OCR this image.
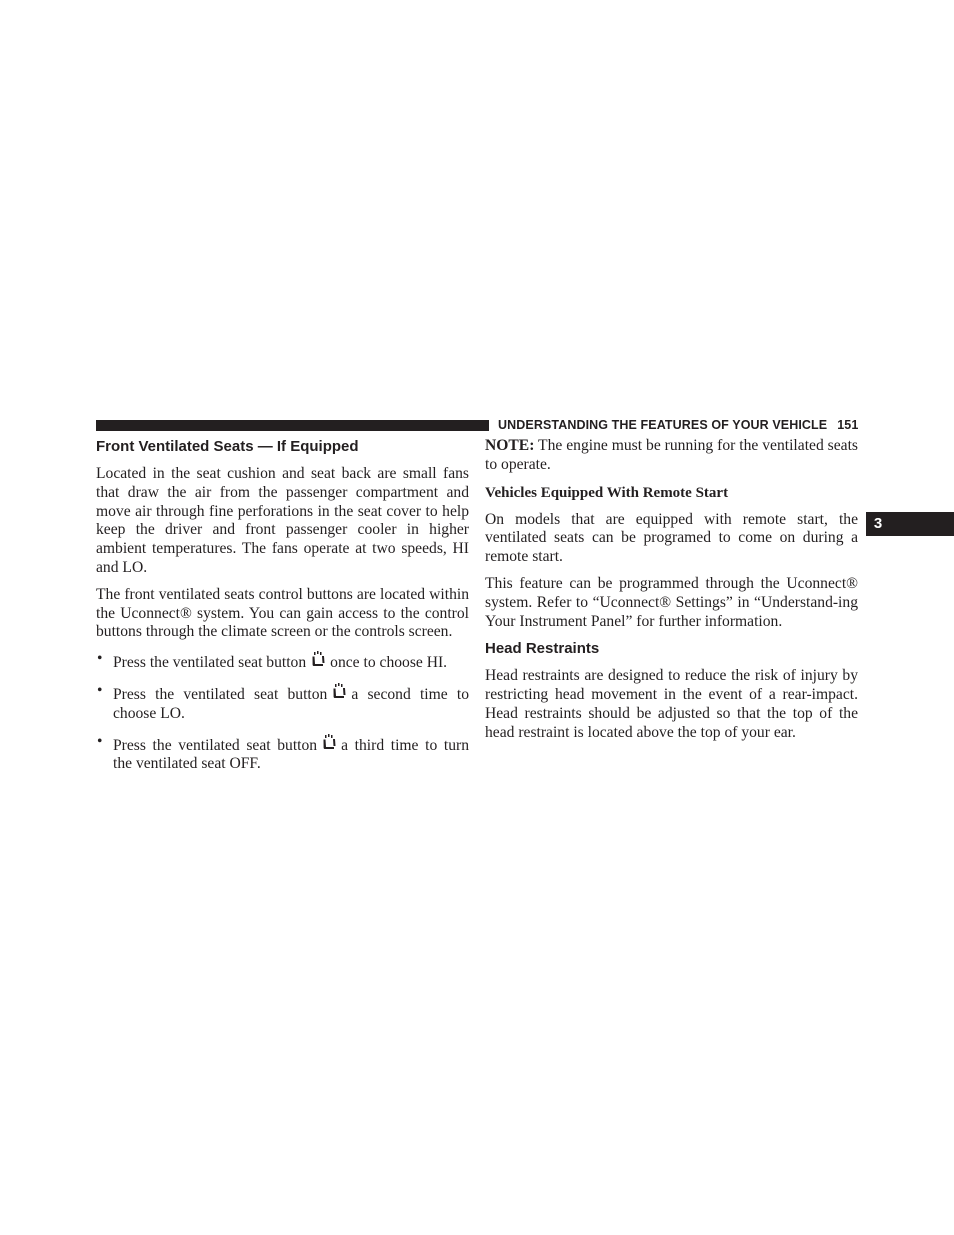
UNDERSTANDING THE FEATURES OF YOUR VEHICLE 151
3
Front Ventilated Seats — If Equipped

Located in the seat cushion and seat back are small fans that draw the air from the passenger compartment and move air through fine perforations in the seat cover to help keep the driver and front passenger cooler in higher ambient temperatures. The fans operate at two speeds, HI and LO.

The front ventilated seats control buttons are located within the Uconnect® system. You can gain access to the control buttons through the climate screen or the controls screen.

• Press the ventilated seat button once to choose HI.
• Press the ventilated seat button a second time to choose LO.
• Press the ventilated seat button a third time to turn the ventilated seat OFF.

NOTE: The engine must be running for the ventilated seats to operate.

Vehicles Equipped With Remote Start

On models that are equipped with remote start, the ventilated seats can be programed to come on during a remote start.

This feature can be programmed through the Uconnect® system. Refer to “Uconnect® Settings” in “Understand-ing Your Instrument Panel” for further information.

Head Restraints

Head restraints are designed to reduce the risk of injury by restricting head movement in the event of a rear-impact. Head restraints should be adjusted so that the top of the head restraint is located above the top of your ear.
